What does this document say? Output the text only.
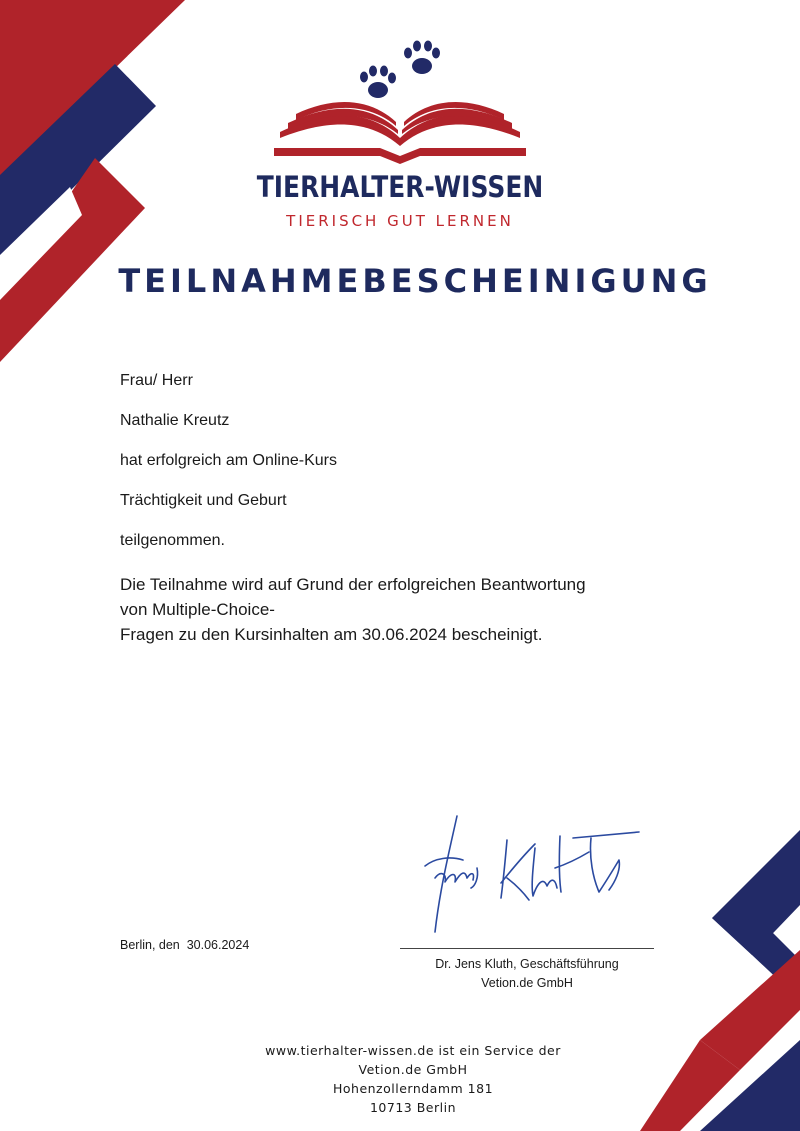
TIERHALTER-WISSEN
TIERISCH GUT LERNEN
TEILNAHMEBESCHEINIGUNG
Frau/ Herr
Nathalie Kreutz
hat erfolgreich am Online-Kurs
Trächtigkeit und Geburt
teilgenommen.
Die Teilnahme wird auf Grund der erfolgreichen Beantwortung
von Multiple-Choice-
Fragen zu den Kursinhalten am 30.06.2024 bescheinigt.
Berlin, den  30.06.2024
Dr. Jens Kluth, Geschäftsführung
Vetion.de GmbH
www.tierhalter-wissen.de ist ein Service der
Vetion.de GmbH
Hohenzollerndamm 181
10713 Berlin
